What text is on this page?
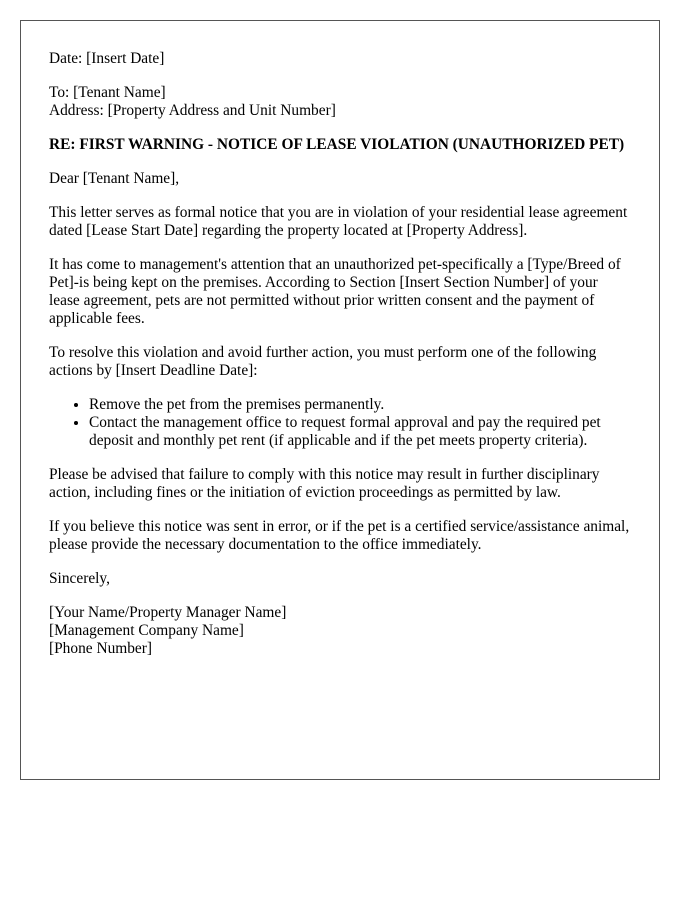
Date: [Insert Date]

To: [Tenant Name]
Address: [Property Address and Unit Number]

RE: FIRST WARNING - NOTICE OF LEASE VIOLATION (UNAUTHORIZED PET)

Dear [Tenant Name],

This letter serves as formal notice that you are in violation of your residential lease agreement dated [Lease Start Date] regarding the property located at [Property Address].

It has come to management's attention that an unauthorized pet-specifically a [Type/Breed of Pet]-is being kept on the premises. According to Section [Insert Section Number] of your lease agreement, pets are not permitted without prior written consent and the payment of applicable fees.

To resolve this violation and avoid further action, you must perform one of the following actions by [Insert Deadline Date]:

• Remove the pet from the premises permanently.
• Contact the management office to request formal approval and pay the required pet deposit and monthly pet rent (if applicable and if the pet meets property criteria).

Please be advised that failure to comply with this notice may result in further disciplinary action, including fines or the initiation of eviction proceedings as permitted by law.

If you believe this notice was sent in error, or if the pet is a certified service/assistance animal, please provide the necessary documentation to the office immediately.

Sincerely,

[Your Name/Property Manager Name]
[Management Company Name]
[Phone Number]
